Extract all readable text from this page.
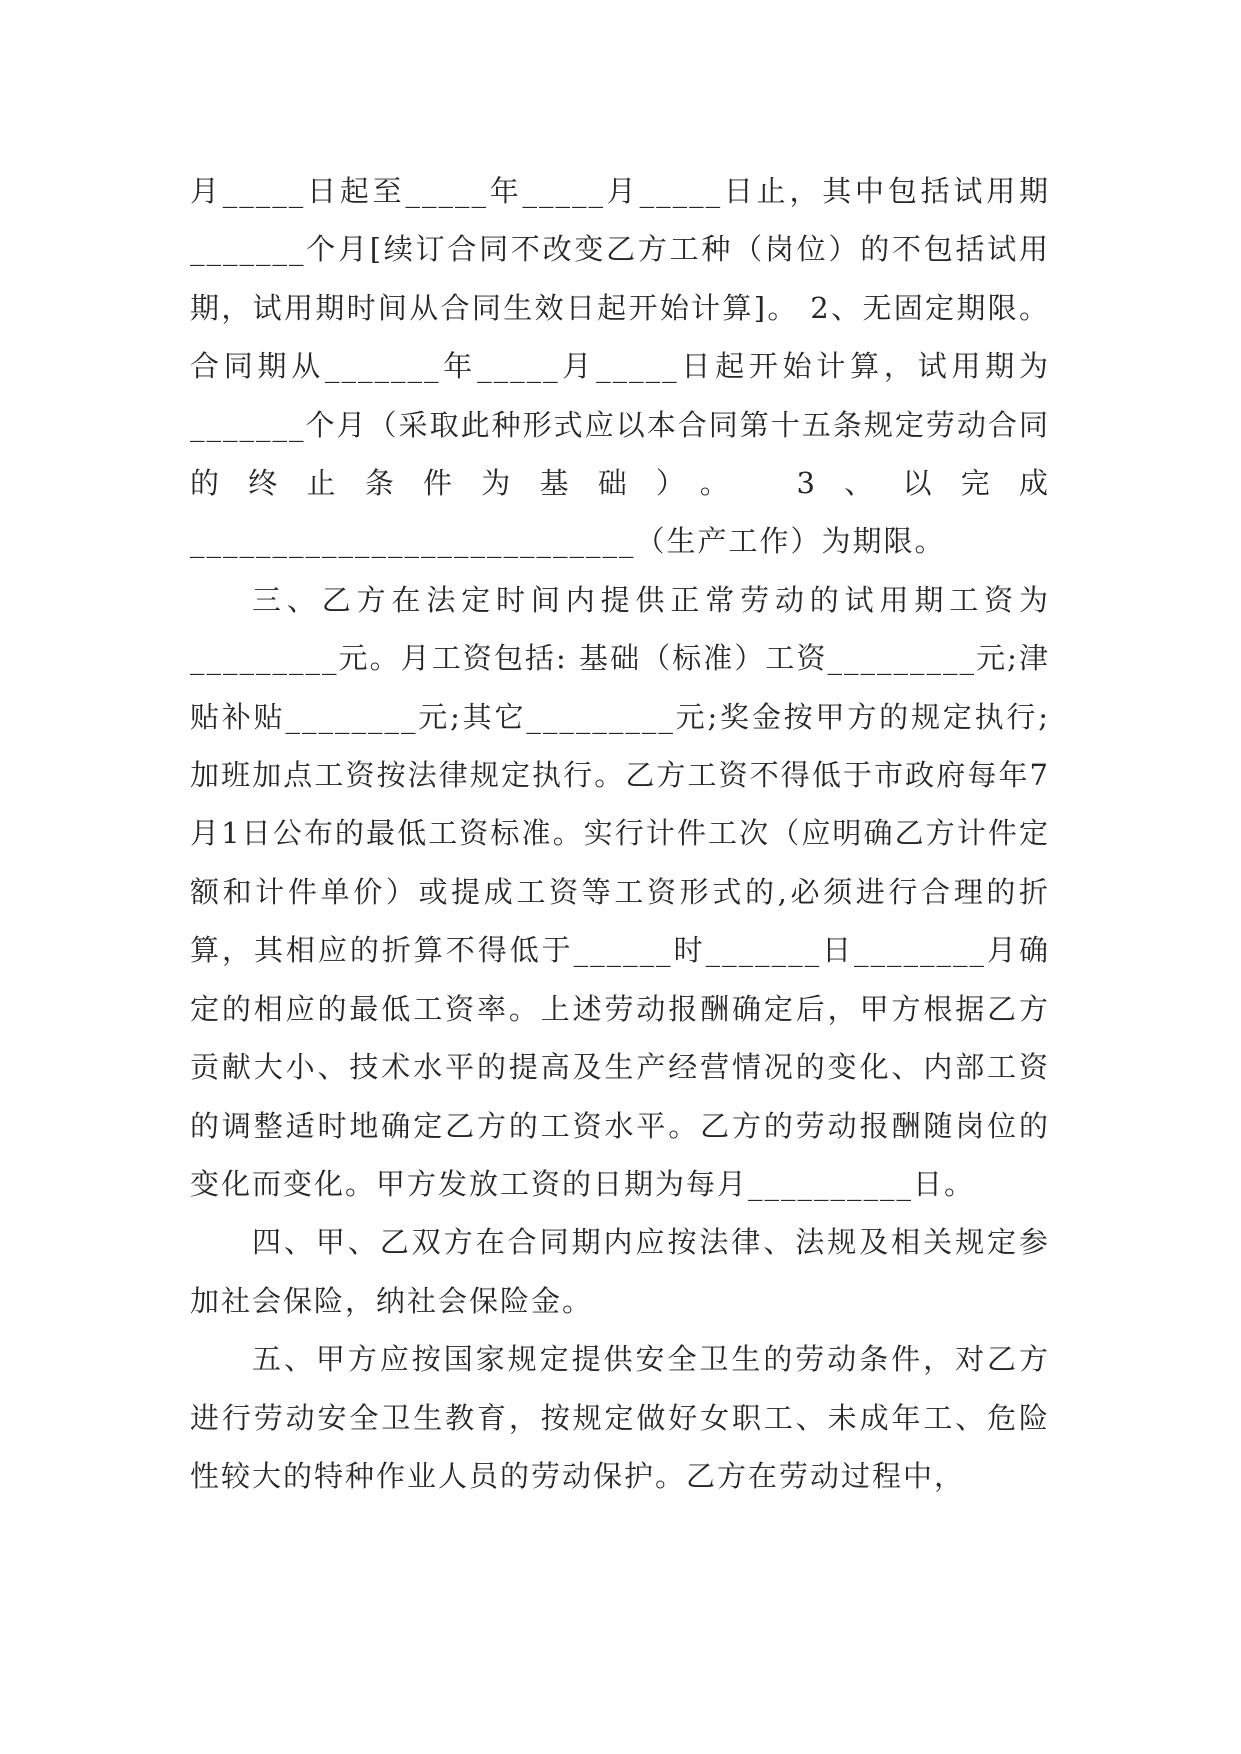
月_____日起至_____年_____月_____日止，其中包括试用期_______个月[续订合同不改变乙方工种（岗位）的不包括试用期，试用期时间从合同生效日起开始计算]。 2、无固定期限。合同期从_______年_____月_____日起开始计算，试用期为_______个月（采取此种形式应以本合同第十五条规定劳动合同的终止条件为基础）。 3、以完成___________________________（生产工作）为期限。

三、乙方在法定时间内提供正常劳动的试用期工资为_________元。月工资包括: 基础（标准）工资_________元;津贴补贴________元;其它_________元;奖金按甲方的规定执行;加班加点工资按法律规定执行。乙方工资不得低于市政府每年7月1日公布的最低工资标准。实行计件工次（应明确乙方计件定额和计件单价）或提成工资等工资形式的,必须进行合理的折算，其相应的折算不得低于______时_______日________月确定的相应的最低工资率。上述劳动报酬确定后，甲方根据乙方贡献大小、技术水平的提高及生产经营情况的变化、内部工资的调整适时地确定乙方的工资水平。乙方的劳动报酬随岗位的变化而变化。甲方发放工资的日期为每月__________日。

四、甲、乙双方在合同期内应按法律、法规及相关规定参加社会保险，纳社会保险金。

五、甲方应按国家规定提供安全卫生的劳动条件，对乙方进行劳动安全卫生教育，按规定做好女职工、未成年工、危险性较大的特种作业人员的劳动保护。乙方在劳动过程中，
